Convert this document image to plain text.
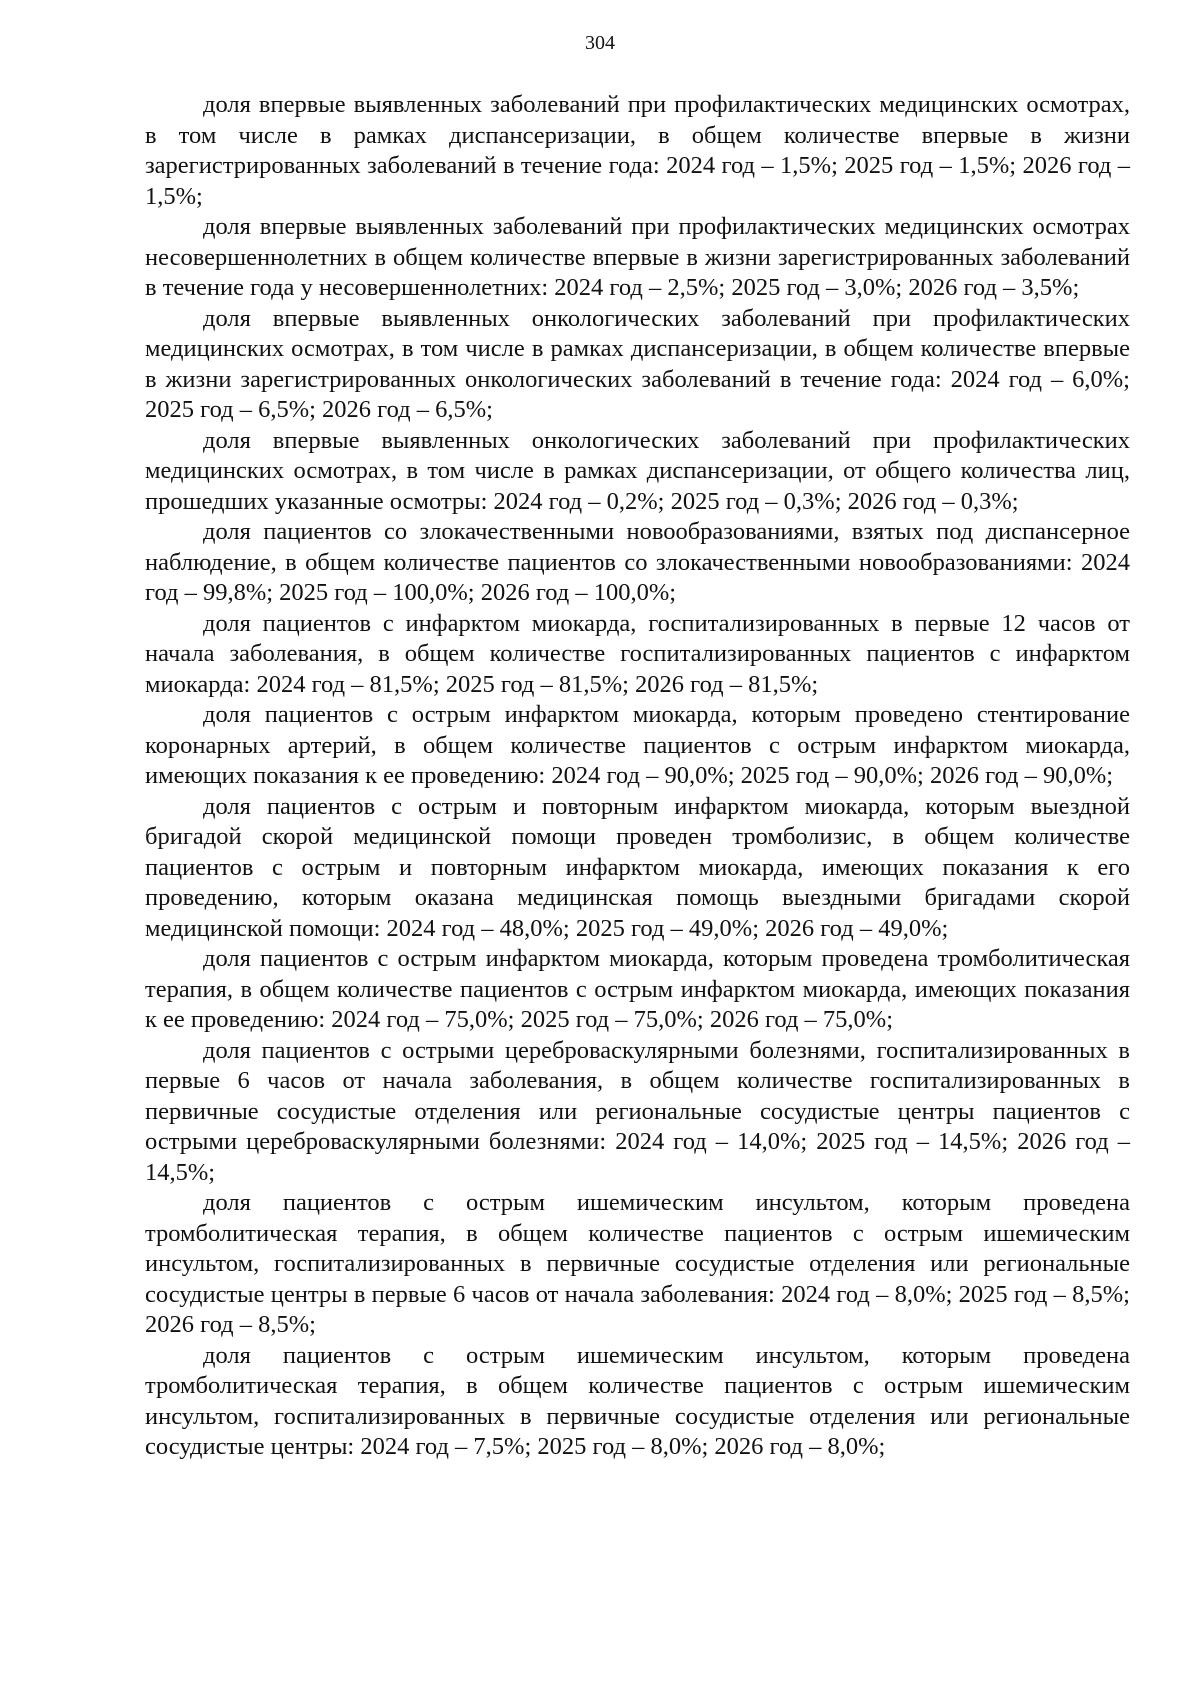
304

доля впервые выявленных заболеваний при профилактических медицинских осмотрах, в том числе в рамках диспансеризации, в общем количестве впервые в жизни зарегистрированных заболеваний в течение года: 2024 год – 1,5%; 2025 год – 1,5%; 2026 год – 1,5%;

доля впервые выявленных заболеваний при профилактических медицинских осмотрах несовершеннолетних в общем количестве впервые в жизни зарегистрированных заболеваний в течение года у несовершеннолетних: 2024 год – 2,5%; 2025 год – 3,0%; 2026 год – 3,5%;

доля впервые выявленных онкологических заболеваний при профилактических медицинских осмотрах, в том числе в рамках диспансеризации, в общем количестве впервые в жизни зарегистрированных онкологических заболеваний в течение года: 2024 год – 6,0%; 2025 год – 6,5%; 2026 год – 6,5%;

доля впервые выявленных онкологических заболеваний при профилактических медицинских осмотрах, в том числе в рамках диспансеризации, от общего количества лиц, прошедших указанные осмотры: 2024 год – 0,2%; 2025 год – 0,3%; 2026 год – 0,3%;

доля пациентов со злокачественными новообразованиями, взятых под диспансерное наблюдение, в общем количестве пациентов со злокачественными новообразованиями: 2024 год – 99,8%; 2025 год – 100,0%; 2026 год – 100,0%;

доля пациентов с инфарктом миокарда, госпитализированных в первые 12 часов от начала заболевания, в общем количестве госпитализированных пациентов с инфарктом миокарда: 2024 год – 81,5%; 2025 год – 81,5%; 2026 год – 81,5%;

доля пациентов с острым инфарктом миокарда, которым проведено стентирование коронарных артерий, в общем количестве пациентов с острым инфарктом миокарда, имеющих показания к ее проведению: 2024 год – 90,0%; 2025 год – 90,0%; 2026 год – 90,0%;

доля пациентов с острым и повторным инфарктом миокарда, которым выездной бригадой скорой медицинской помощи проведен тромболизис, в общем количестве пациентов с острым и повторным инфарктом миокарда, имеющих показания к его проведению, которым оказана медицинская помощь выездными бригадами скорой медицинской помощи: 2024 год – 48,0%; 2025 год – 49,0%; 2026 год – 49,0%;

доля пациентов с острым инфарктом миокарда, которым проведена тромболитическая терапия, в общем количестве пациентов с острым инфарктом миокарда, имеющих показания к ее проведению: 2024 год – 75,0%; 2025 год – 75,0%; 2026 год – 75,0%;

доля пациентов с острыми цереброваскулярными болезнями, госпитализированных в первые 6 часов от начала заболевания, в общем количестве госпитализированных в первичные сосудистые отделения или региональные сосудистые центры пациентов с острыми цереброваскулярными болезнями: 2024 год – 14,0%; 2025 год – 14,5%; 2026 год – 14,5%;

доля пациентов с острым ишемическим инсультом, которым проведена тромболитическая терапия, в общем количестве пациентов с острым ишемическим инсультом, госпитализированных в первичные сосудистые отделения или региональные сосудистые центры в первые 6 часов от начала заболевания: 2024 год – 8,0%; 2025 год – 8,5%; 2026 год – 8,5%;

доля пациентов с острым ишемическим инсультом, которым проведена тромболитическая терапия, в общем количестве пациентов с острым ишемическим инсультом, госпитализированных в первичные сосудистые отделения или региональные сосудистые центры: 2024 год – 7,5%; 2025 год – 8,0%; 2026 год – 8,0%;
